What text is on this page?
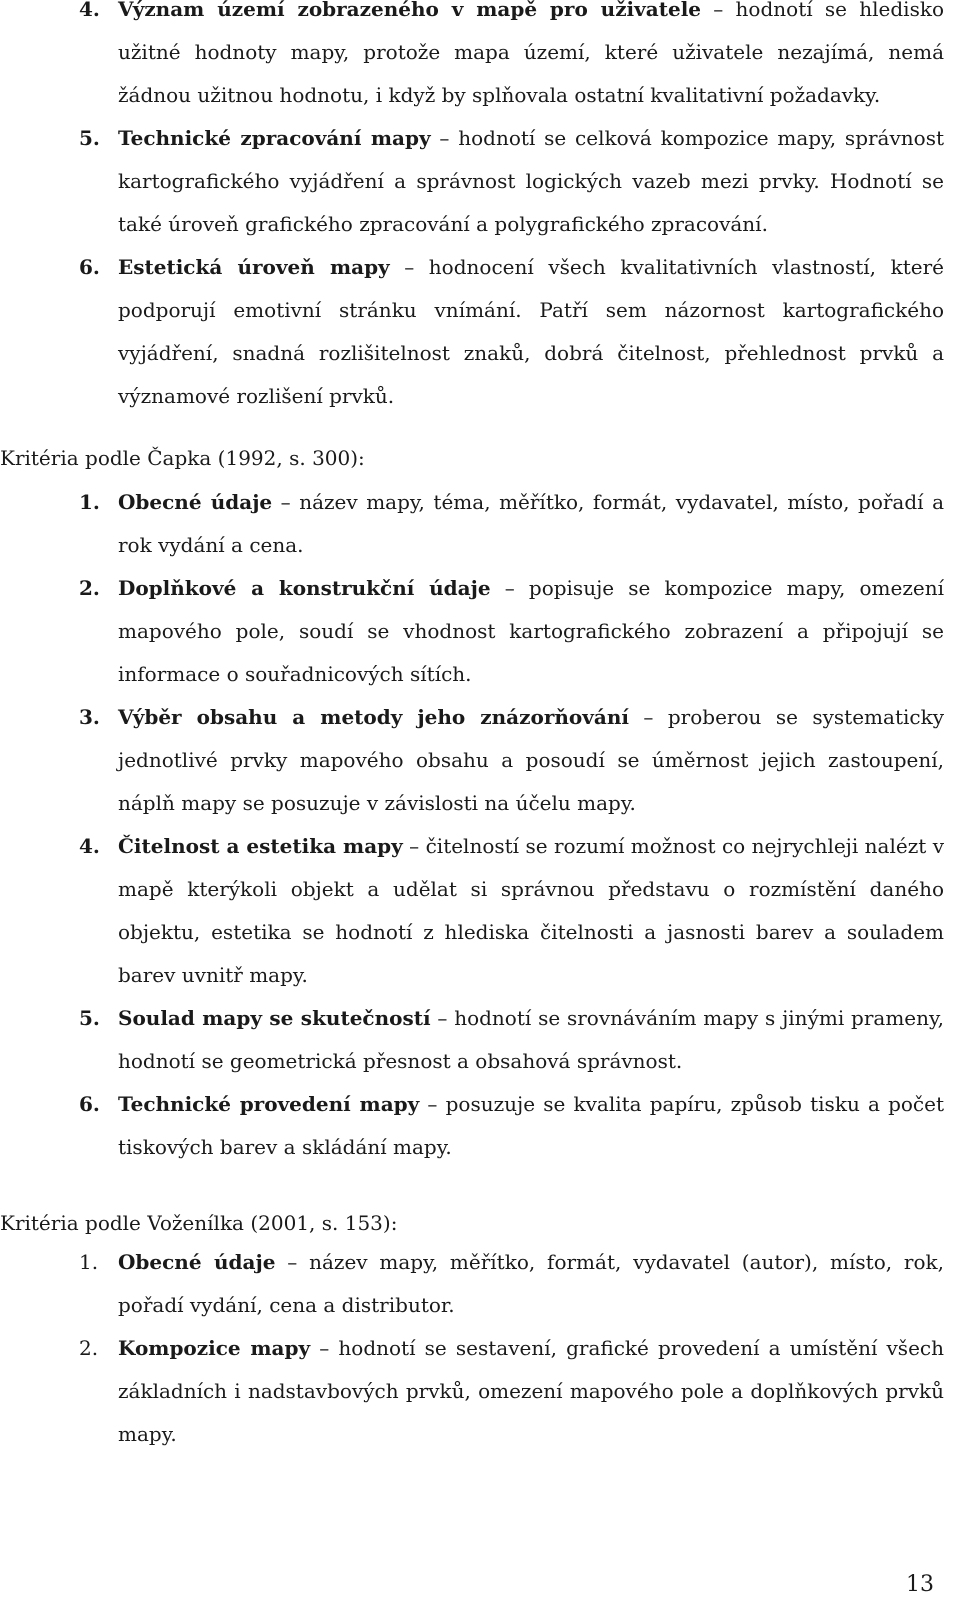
4. Význam území zobrazeného v mapě pro uživatele – hodnotí se hledisko užitné hodnoty mapy, protože mapa území, které uživatele nezajímá, nemá žádnou užitnou hodnotu, i když by splňovala ostatní kvalitativní požadavky.
5. Technické zpracování mapy – hodnotí se celková kompozice mapy, správnost kartografického vyjádření a správnost logických vazeb mezi prvky. Hodnotí se také úroveň grafického zpracování a polygrafického zpracování.
6. Estetická úroveň mapy – hodnocení všech kvalitativních vlastností, které podporují emotivní stránku vnímání. Patří sem názornost kartografického vyjádření, snadná rozlišitelnost znaků, dobrá čitelnost, přehlednost prvků a významové rozlišení prvků.

Kritéria podle Čapka (1992, s. 300):

1. Obecné údaje – název mapy, téma, měřítko, formát, vydavatel, místo, pořadí a rok vydání a cena.
2. Doplňkové a konstrukční údaje – popisuje se kompozice mapy, omezení mapového pole, soudí se vhodnost kartografického zobrazení a připojují se informace o souřadnicových sítích.
3. Výběr obsahu a metody jeho znázorňování – proberou se systematicky jednotlivé prvky mapového obsahu a posoudí se úměrnost jejich zastoupení, náplň mapy se posuzuje v závislosti na účelu mapy.
4. Čitelnost a estetika mapy – čitelností se rozumí možnost co nejrychleji nalézt v mapě kterýkoli objekt a udělat si správnou představu o rozmístění daného objektu, estetika se hodnotí z hlediska čitelnosti a jasnosti barev a souladem barev uvnitř mapy.
5. Soulad mapy se skutečností – hodnotí se srovnáváním mapy s jinými prameny, hodnotí se geometrická přesnost a obsahová správnost.
6. Technické provedení mapy – posuzuje se kvalita papíru, způsob tisku a počet tiskových barev a skládání mapy.

Kritéria podle Voženílka (2001, s. 153):

1. Obecné údaje – název mapy, měřítko, formát, vydavatel (autor), místo, rok, pořadí vydání, cena a distributor.
2. Kompozice mapy – hodnotí se sestavení, grafické provedení a umístění všech základních i nadstavbových prvků, omezení mapového pole a doplňkových prvků mapy.
13
